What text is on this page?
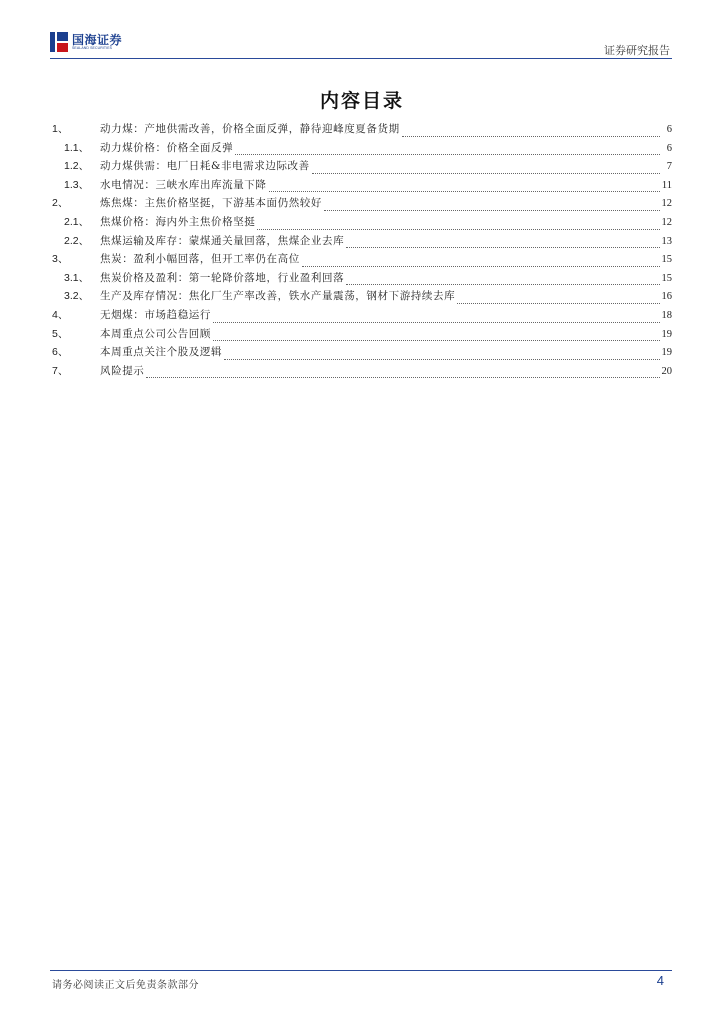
国海证券
SEALAND SECURITIES	证券研究报告
内容目录
1、	动力煤：产地供需改善，价格全面反弹，静待迎峰度夏备货期	6
1.1、	动力煤价格：价格全面反弹	6
1.2、	动力煤供需：电厂日耗&非电需求边际改善	7
1.3、	水电情况：三峡水库出库流量下降	11
2、	炼焦煤：主焦价格坚挺，下游基本面仍然较好	12
2.1、	焦煤价格：海内外主焦价格坚挺	12
2.2、	焦煤运输及库存：蒙煤通关量回落，焦煤企业去库	13
3、	焦炭：盈利小幅回落，但开工率仍在高位	15
3.1、	焦炭价格及盈利：第一轮降价落地，行业盈利回落	15
3.2、	生产及库存情况：焦化厂生产率改善，铁水产量震荡，钢材下游持续去库	16
4、	无烟煤：市场趋稳运行	18
5、	本周重点公司公告回顾	19
6、	本周重点关注个股及逻辑	19
7、	风险提示	20
请务必阅读正文后免责条款部分	4
